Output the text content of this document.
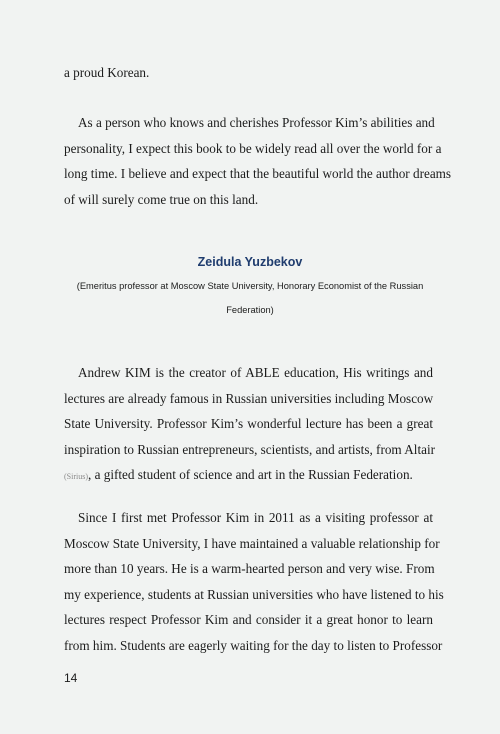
a proud Korean.

As a person who knows and cherishes Professor Kim’s abilities and
personality, I expect this book to be widely read all over the world for a
long time. I believe and expect that the beautiful world the author dreams
of will surely come true on this land.

Zeidula Yuzbekov

(Emeritus professor at Moscow State University, Honorary Economist of the Russian
Federation)

Andrew KIM is the creator of ABLE education, His writings and
lectures are already famous in Russian universities including Moscow
State University. Professor Kim’s wonderful lecture has been a great
inspiration to Russian entrepreneurs, scientists, and artists, from Altair
(Sirius), a gifted student of science and art in the Russian Federation.

Since I first met Professor Kim in 2011 as a visiting professor at
Moscow State University, I have maintained a valuable relationship for
more than 10 years. He is a warm-hearted person and very wise. From
my experience, students at Russian universities who have listened to his
lectures respect Professor Kim and consider it a great honor to learn
from him. Students are eagerly waiting for the day to listen to Professor

14
